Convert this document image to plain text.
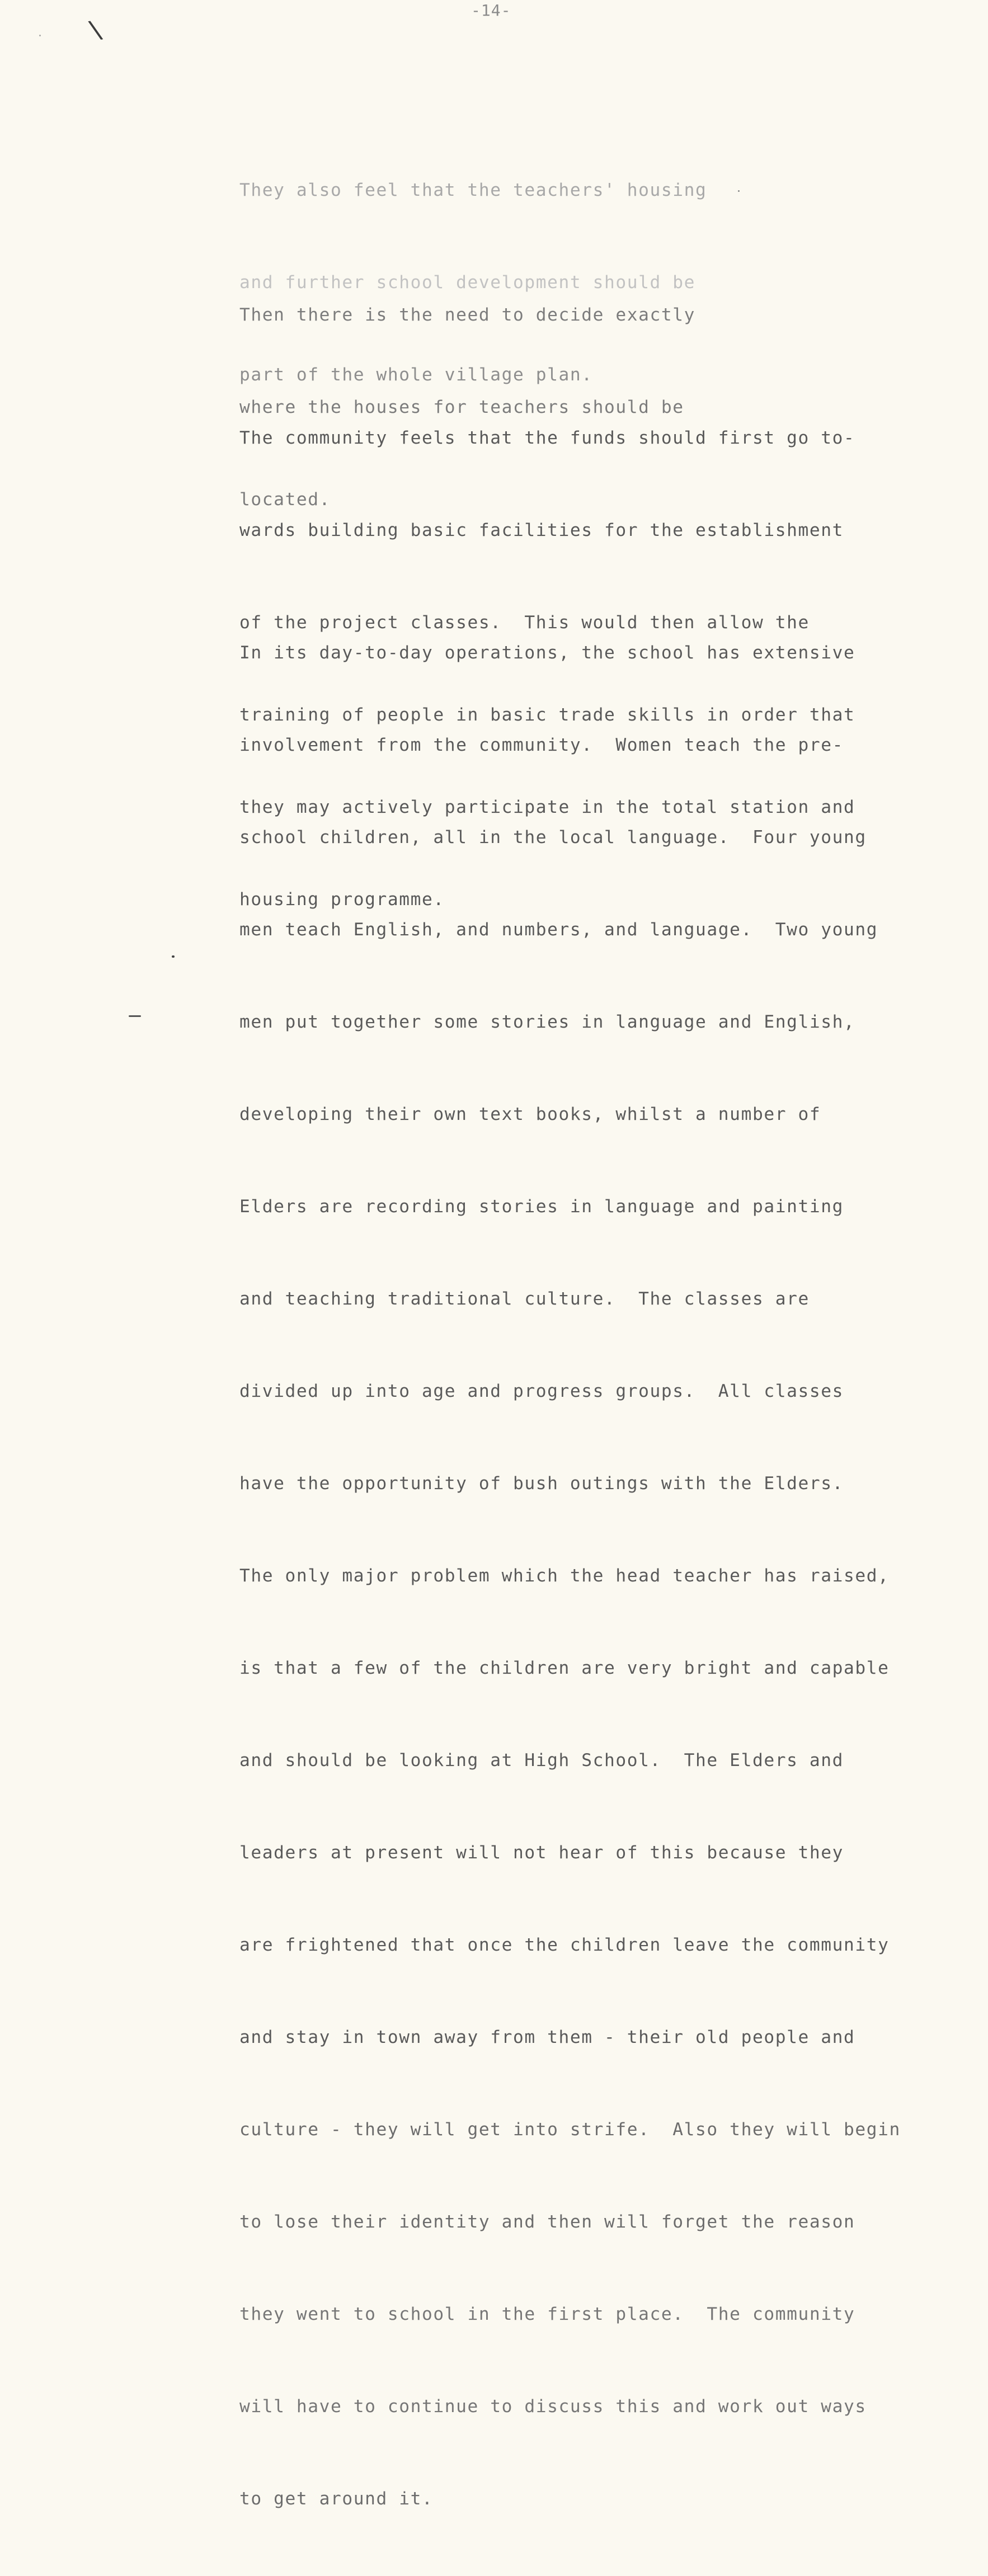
-14-
\

They also feel that the teachers' housing

and further school development should be

part of the whole village plan.

Then there is the need to decide exactly

where the houses for teachers should be

located.

The community feels that the funds should first go to-

wards building basic facilities for the establishment

of the project classes.  This would then allow the

training of people in basic trade skills in order that

they may actively participate in the total station and

housing programme.

In its day-to-day operations, the school has extensive

involvement from the community.  Women teach the pre-

school children, all in the local language.  Four young

men teach English, and numbers, and language.  Two young

men put together some stories in language and English,

developing their own text books, whilst a number of

Elders are recording stories in language and painting

and teaching traditional culture.  The classes are

divided up into age and progress groups.  All classes

have the opportunity of bush outings with the Elders.

The only major problem which the head teacher has raised,

is that a few of the children are very bright and capable

and should be looking at High School.  The Elders and

leaders at present will not hear of this because they

are frightened that once the children leave the community

and stay in town away from them - their old people and

culture - they will get into strife.  Also they will begin

to lose their identity and then will forget the reason

they went to school in the first place.  The community

will have to continue to discuss this and work out ways

to get around it.
